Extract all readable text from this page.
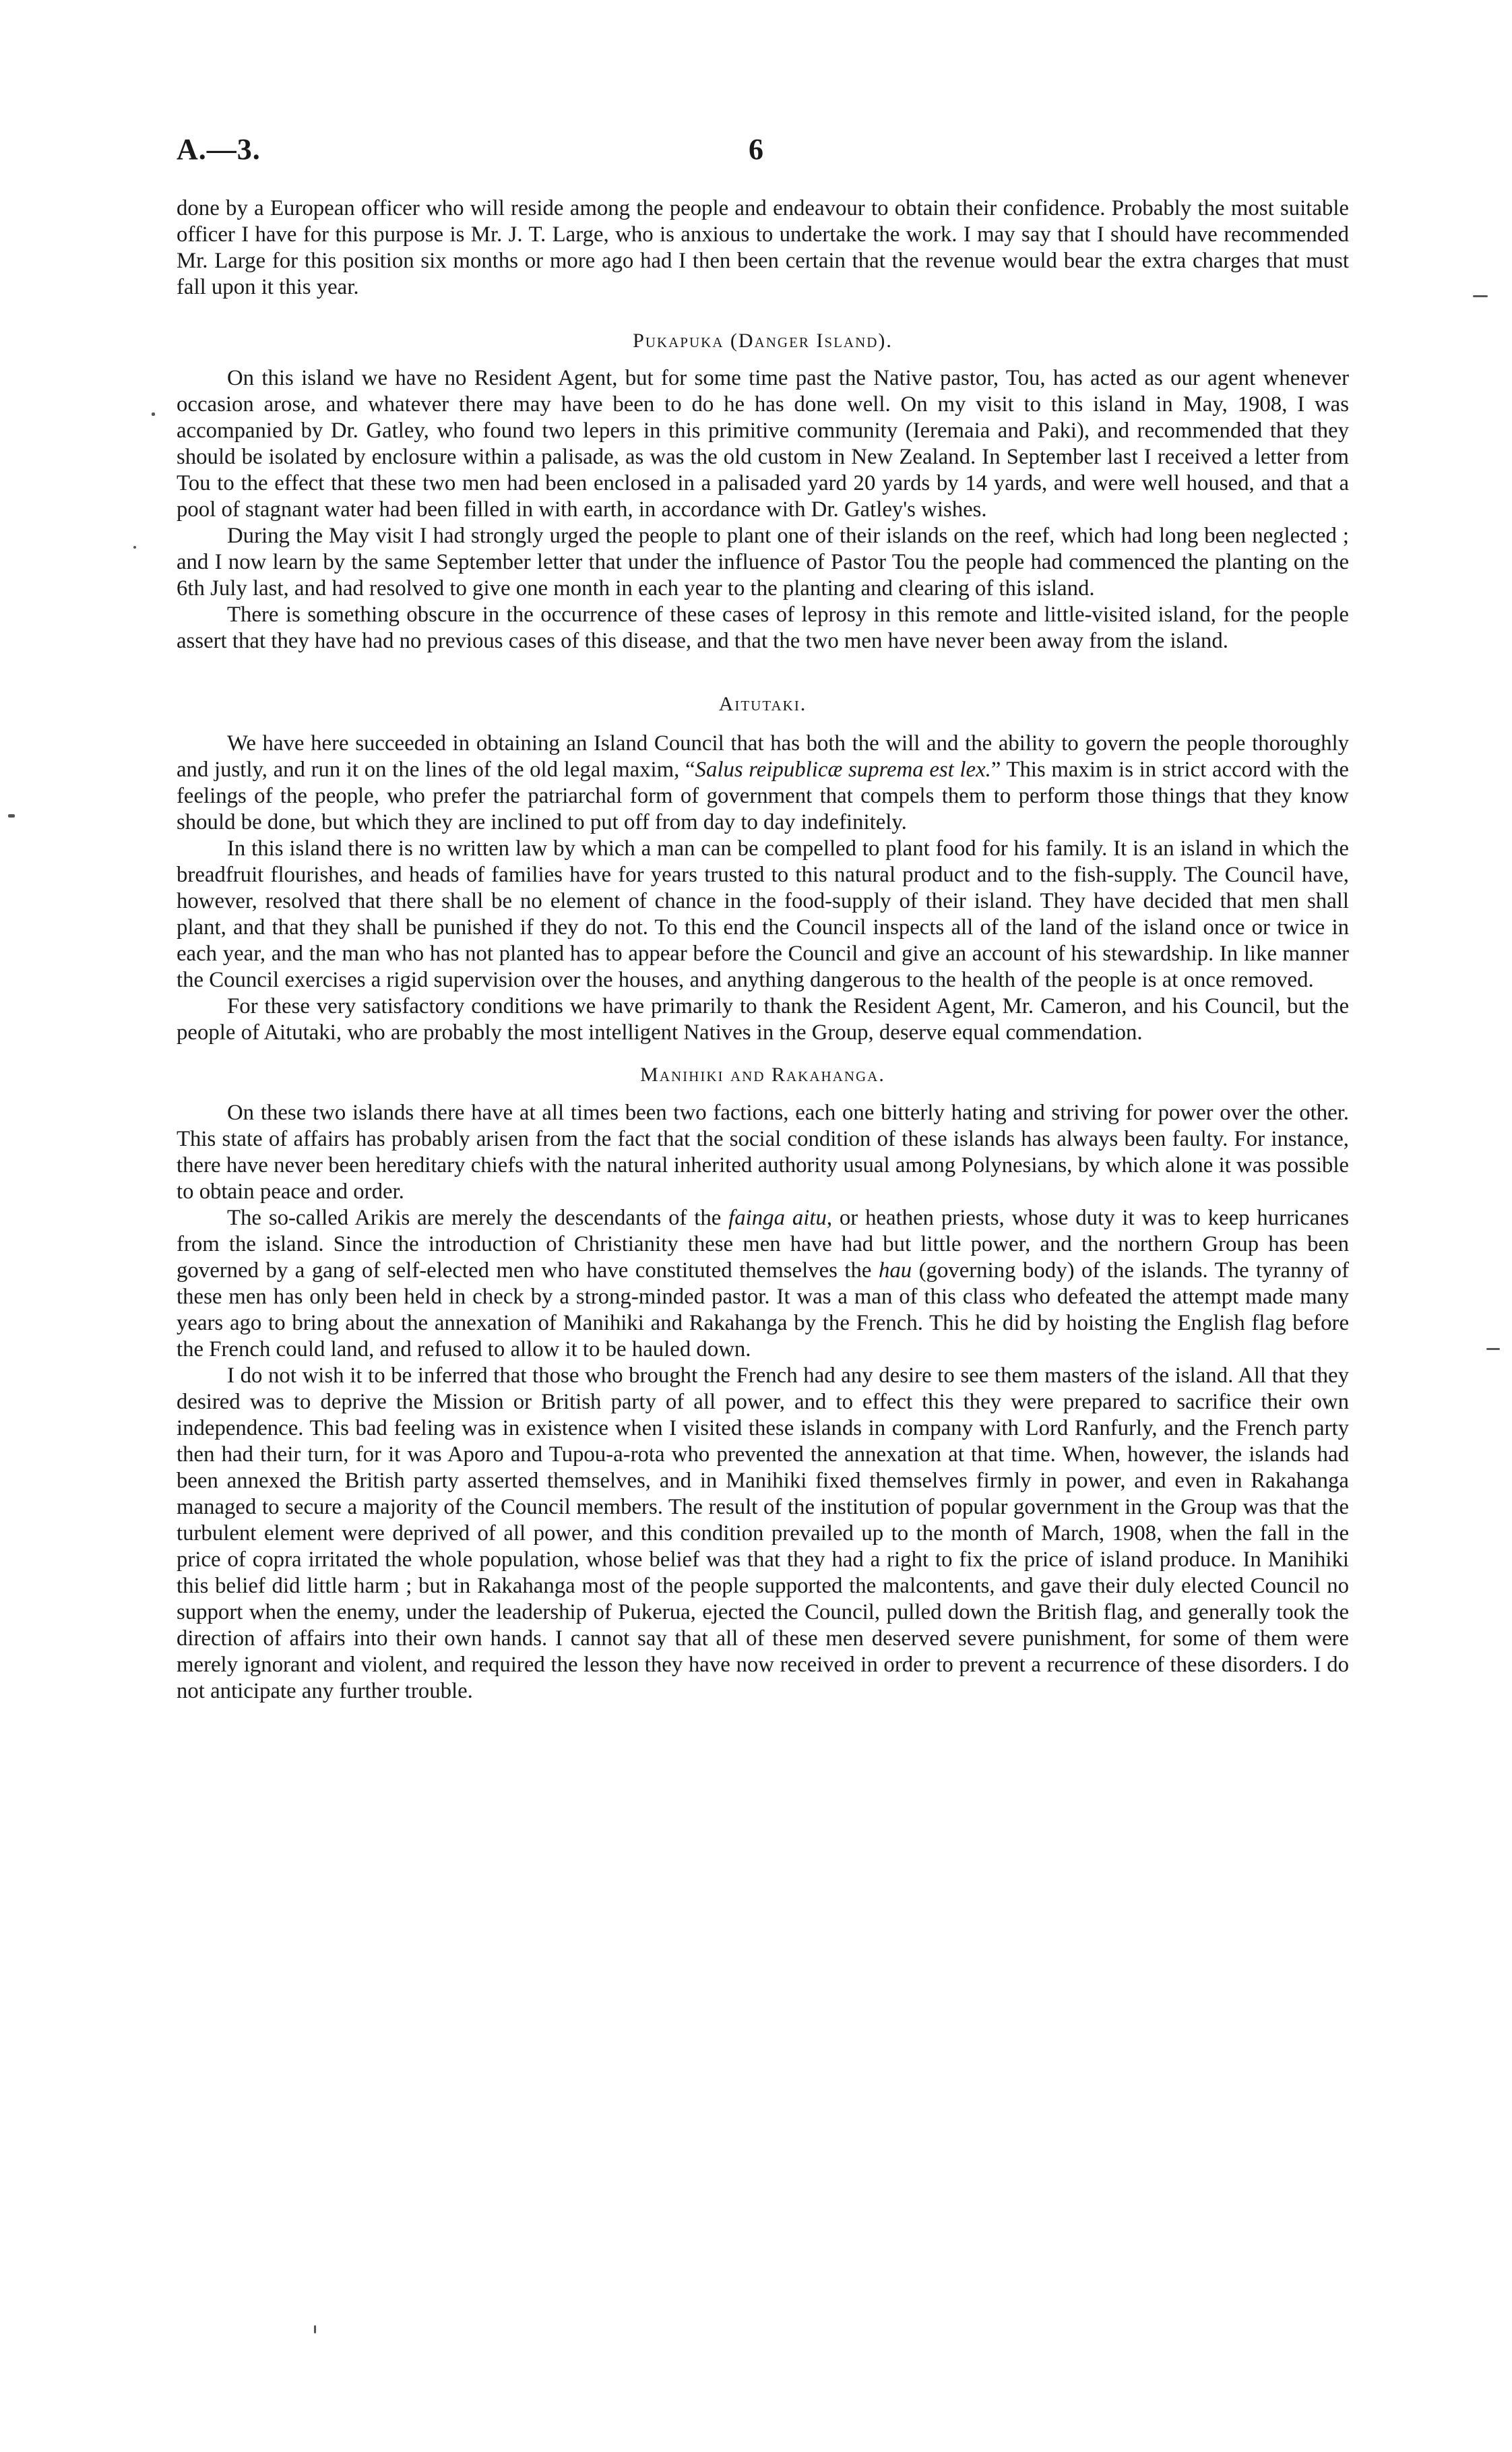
A.—3.	6

done by a European officer who will reside among the people and endeavour to obtain their confidence. Probably the most suitable officer I have for this purpose is Mr. J. T. Large, who is anxious to undertake the work. I may say that I should have recommended Mr. Large for this position six months or more ago had I then been certain that the revenue would bear the extra charges that must fall upon it this year.

Pukapuka (Danger Island).

On this island we have no Resident Agent, but for some time past the Native pastor, Tou, has acted as our agent whenever occasion arose, and whatever there may have been to do he has done well. On my visit to this island in May, 1908, I was accompanied by Dr. Gatley, who found two lepers in this primitive community (Ieremaia and Paki), and recommended that they should be isolated by enclosure within a palisade, as was the old custom in New Zealand. In September last I received a letter from Tou to the effect that these two men had been enclosed in a palisaded yard 20 yards by 14 yards, and were well housed, and that a pool of stagnant water had been filled in with earth, in accordance with Dr. Gatley's wishes.

During the May visit I had strongly urged the people to plant one of their islands on the reef, which had long been neglected ; and I now learn by the same September letter that under the influence of Pastor Tou the people had commenced the planting on the 6th July last, and had resolved to give one month in each year to the planting and clearing of this island.

There is something obscure in the occurrence of these cases of leprosy in this remote and little-visited island, for the people assert that they have had no previous cases of this disease, and that the two men have never been away from the island.

Aitutaki.

We have here succeeded in obtaining an Island Council that has both the will and the ability to govern the people thoroughly and justly, and run it on the lines of the old legal maxim, “Salus reipublicæ suprema est lex.” This maxim is in strict accord with the feelings of the people, who prefer the patriarchal form of government that compels them to perform those things that they know should be done, but which they are inclined to put off from day to day indefinitely.

In this island there is no written law by which a man can be compelled to plant food for his family. It is an island in which the breadfruit flourishes, and heads of families have for years trusted to this natural product and to the fish-supply. The Council have, however, resolved that there shall be no element of chance in the food-supply of their island. They have decided that men shall plant, and that they shall be punished if they do not. To this end the Council inspects all of the land of the island once or twice in each year, and the man who has not planted has to appear before the Council and give an account of his stewardship. In like manner the Council exercises a rigid supervision over the houses, and anything dangerous to the health of the people is at once removed.

For these very satisfactory conditions we have primarily to thank the Resident Agent, Mr. Cameron, and his Council, but the people of Aitutaki, who are probably the most intelligent Natives in the Group, deserve equal commendation.

Manihiki and Rakahanga.

On these two islands there have at all times been two factions, each one bitterly hating and striving for power over the other. This state of affairs has probably arisen from the fact that the social condition of these islands has always been faulty. For instance, there have never been hereditary chiefs with the natural inherited authority usual among Polynesians, by which alone it was possible to obtain peace and order.

The so-called Arikis are merely the descendants of the fainga aitu, or heathen priests, whose duty it was to keep hurricanes from the island. Since the introduction of Christianity these men have had but little power, and the northern Group has been governed by a gang of self-elected men who have constituted themselves the hau (governing body) of the islands. The tyranny of these men has only been held in check by a strong-minded pastor. It was a man of this class who defeated the attempt made many years ago to bring about the annexation of Manihiki and Rakahanga by the French. This he did by hoisting the English flag before the French could land, and refused to allow it to be hauled down.

I do not wish it to be inferred that those who brought the French had any desire to see them masters of the island. All that they desired was to deprive the Mission or British party of all power, and to effect this they were prepared to sacrifice their own independence. This bad feeling was in existence when I visited these islands in company with Lord Ranfurly, and the French party then had their turn, for it was Aporo and Tupou-a-rota who prevented the annexation at that time. When, however, the islands had been annexed the British party asserted themselves, and in Manihiki fixed themselves firmly in power, and even in Rakahanga managed to secure a majority of the Council members. The result of the institution of popular government in the Group was that the turbulent element were deprived of all power, and this condition prevailed up to the month of March, 1908, when the fall in the price of copra irritated the whole population, whose belief was that they had a right to fix the price of island produce. In Manihiki this belief did little harm ; but in Rakahanga most of the people supported the malcontents, and gave their duly elected Council no support when the enemy, under the leadership of Pukerua, ejected the Council, pulled down the British flag, and generally took the direction of affairs into their own hands. I cannot say that all of these men deserved severe punishment, for some of them were merely ignorant and violent, and required the lesson they have now received in order to prevent a recurrence of these disorders. I do not anticipate any further trouble.
